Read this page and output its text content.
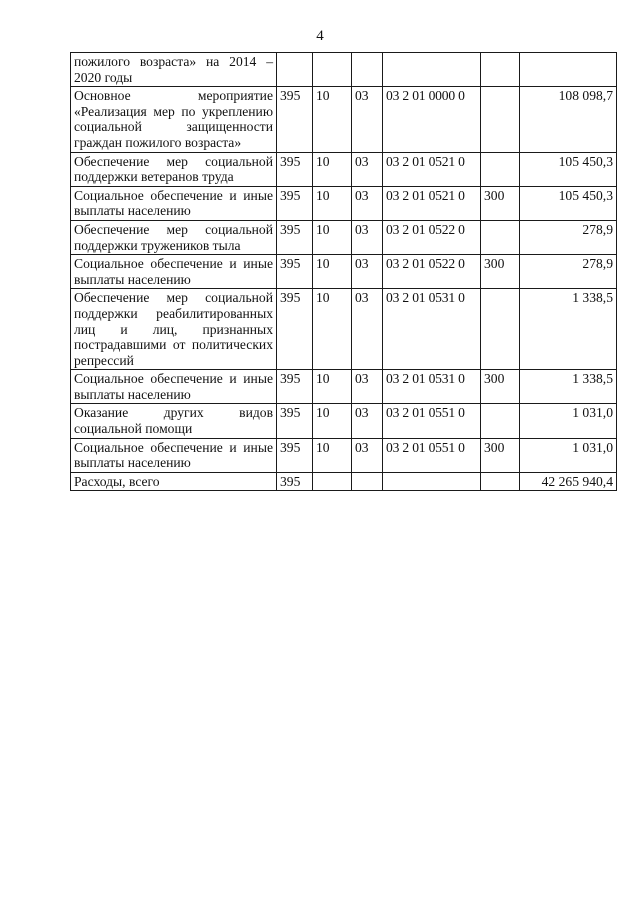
4
пожилого возраста» на 2014 – 2020 годы						
Основное мероприятие «Реализация мер по укреплению социальной защищенности граждан пожилого возраста»	395	10	03	03 2 01 0000 0		108 098,7
Обеспечение мер социальной поддержки ветеранов труда	395	10	03	03 2 01 0521 0		105 450,3
Социальное обеспечение и иные выплаты населению	395	10	03	03 2 01 0521 0	300	105 450,3
Обеспечение мер социальной поддержки тружеников тыла	395	10	03	03 2 01 0522 0		278,9
Социальное обеспечение и иные выплаты населению	395	10	03	03 2 01 0522 0	300	278,9
Обеспечение мер социальной поддержки реабилитированных лиц и лиц, признанных пострадавшими от политических репрессий	395	10	03	03 2 01 0531 0		1 338,5
Социальное обеспечение и иные выплаты населению	395	10	03	03 2 01 0531 0	300	1 338,5
Оказание других видов социальной помощи	395	10	03	03 2 01 0551 0		1 031,0
Социальное обеспечение и иные выплаты населению	395	10	03	03 2 01 0551 0	300	1 031,0
Расходы, всего	395					42 265 940,4
